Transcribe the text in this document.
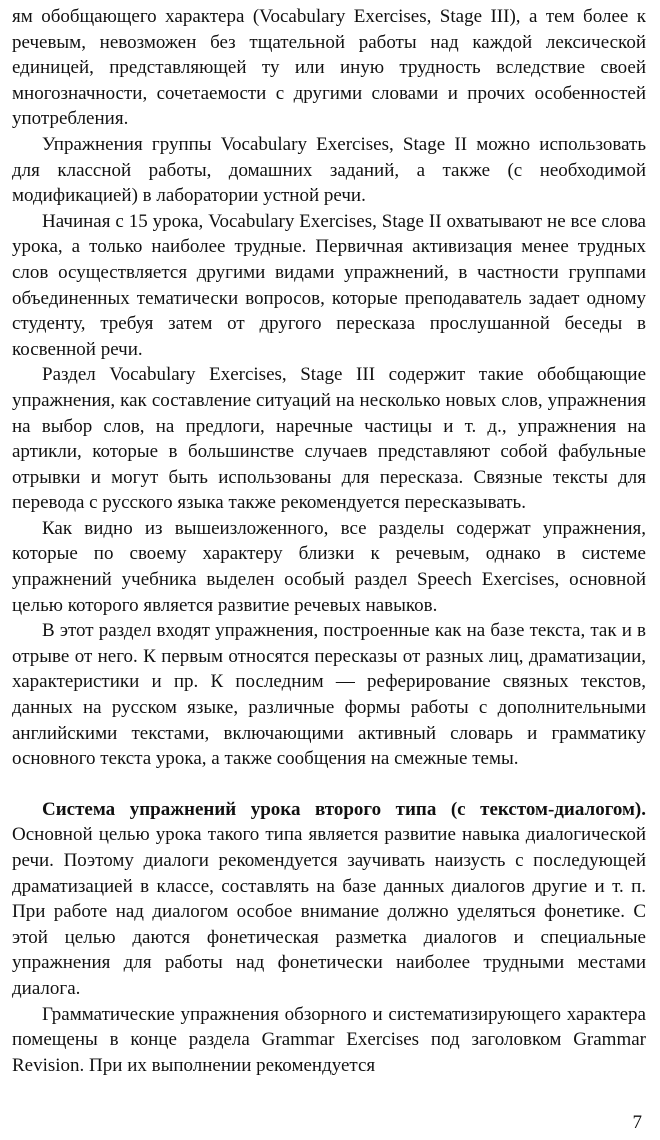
ям обобщающего характера (Vocabulary Exercises, Stage III), а тем более к речевым, невозможен без тщательной работы над каждой лексической единицей, представляющей ту или иную трудность вследствие своей многозначности, сочетаемости с другими словами и прочих особенностей употребления.

Упражнения группы Vocabulary Exercises, Stage II можно использовать для классной работы, домашних заданий, а также (с необходимой модификацией) в лаборатории устной речи.

Начиная с 15 урока, Vocabulary Exercises, Stage II охватывают не все слова урока, а только наиболее трудные. Первичная активизация менее трудных слов осуществляется другими видами упражнений, в частности группами объединенных тематически вопросов, которые преподаватель задает одному студенту, требуя затем от другого пересказа прослушанной беседы в косвенной речи.

Раздел Vocabulary Exercises, Stage III содержит такие обобщающие упражнения, как составление ситуаций на несколько новых слов, упражнения на выбор слов, на предлоги, наречные частицы и т. д., упражнения на артикли, которые в большинстве случаев представляют собой фабульные отрывки и могут быть использованы для пересказа. Связные тексты для перевода с русского языка также рекомендуется пересказывать.

Как видно из вышеизложенного, все разделы содержат упражнения, которые по своему характеру близки к речевым, однако в системе упражнений учебника выделен особый раздел Speech Exercises, основной целью которого является развитие речевых навыков.

В этот раздел входят упражнения, построенные как на базе текста, так и в отрыве от него. К первым относятся пересказы от разных лиц, драматизации, характеристики и пр. К последним — реферирование связных текстов, данных на русском языке, различные формы работы с дополнительными английскими текстами, включающими активный словарь и грамматику основного текста урока, а также сообщения на смежные темы.

Система упражнений урока второго типа (с текстом-диалогом). Основной целью урока такого типа является развитие навыка диалогической речи. Поэтому диалоги рекомендуется заучивать наизусть с последующей драматизацией в классе, составлять на базе данных диалогов другие и т. п. При работе над диалогом особое внимание должно уделяться фонетике. С этой целью даются фонетическая разметка диалогов и специальные упражнения для работы над фонетически наиболее трудными местами диалога.

Грамматические упражнения обзорного и систематизирующего характера помещены в конце раздела Grammar Exercises под заголовком Grammar Revision. При их выполнении рекомендуется

7
